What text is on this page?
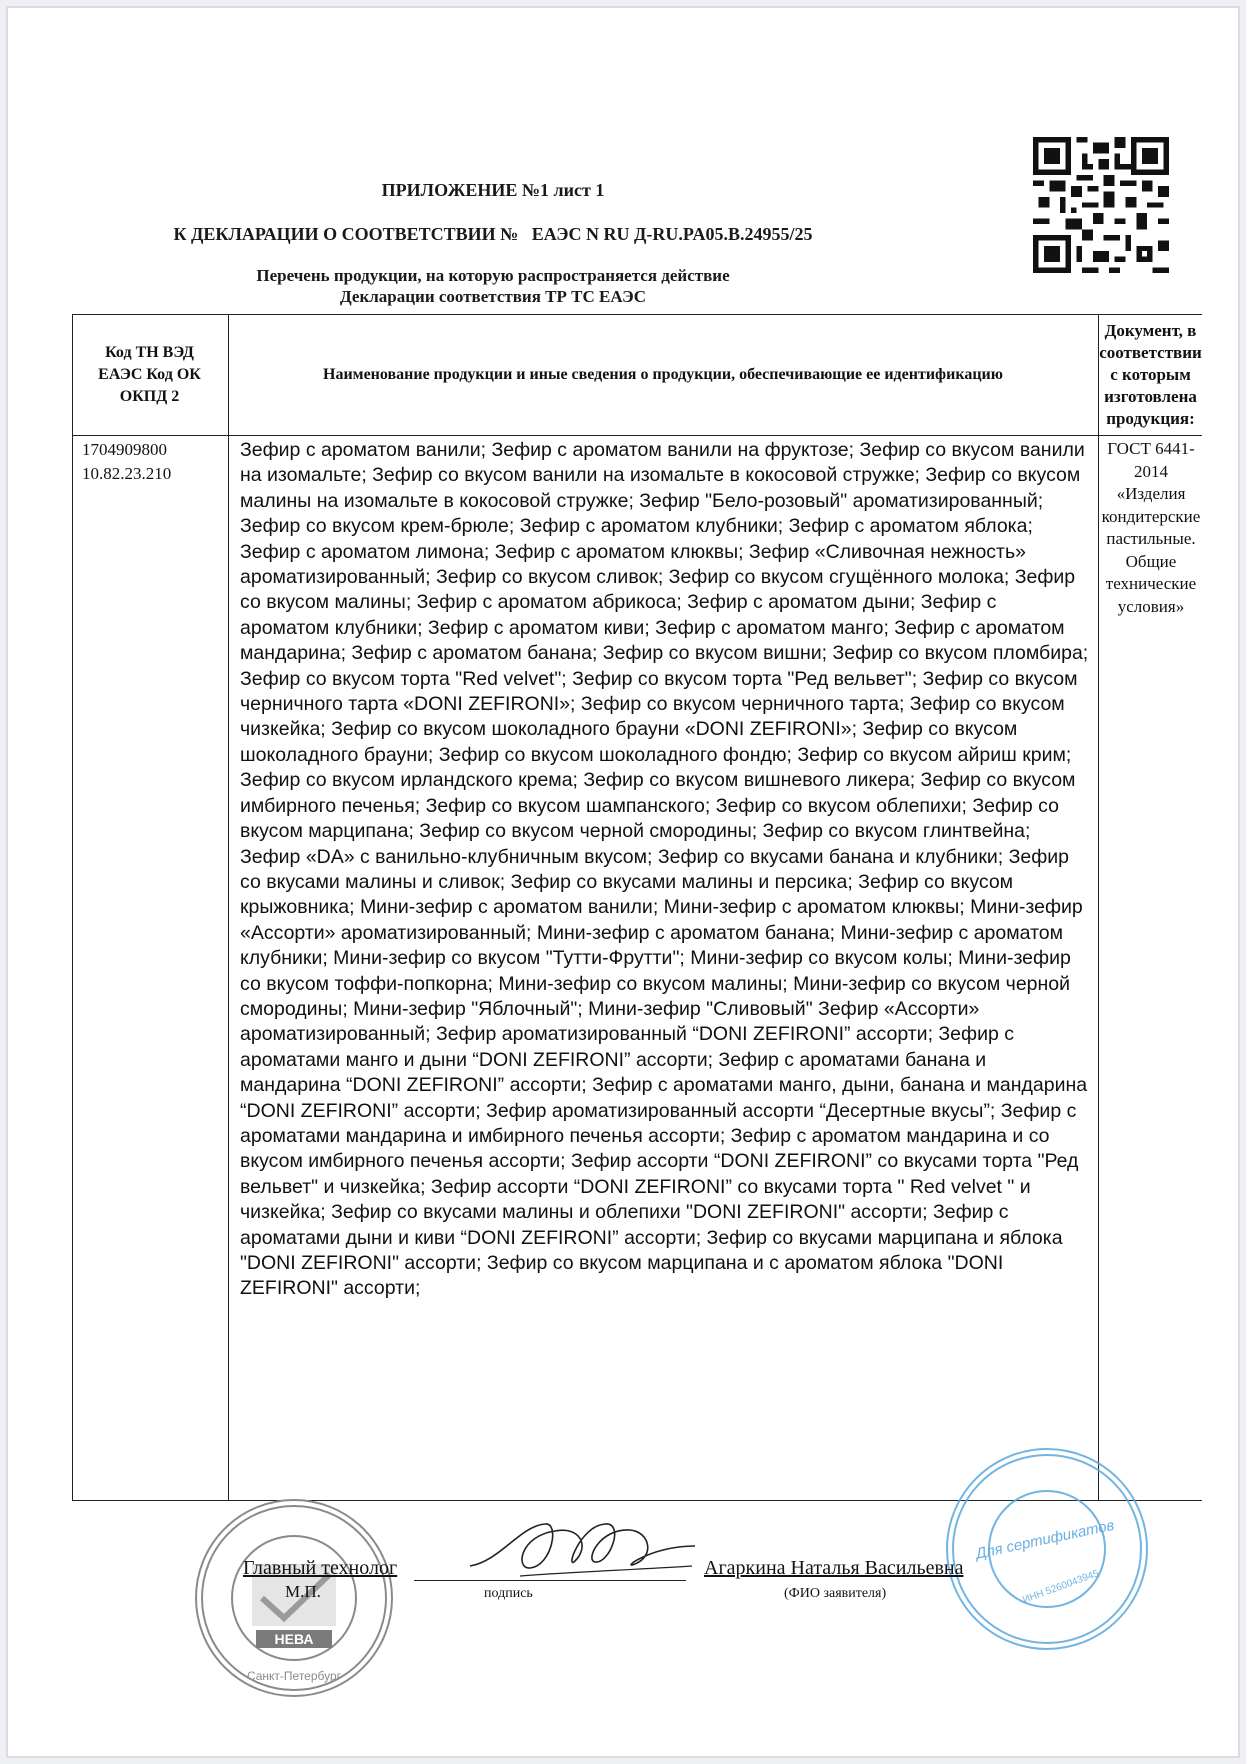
ПРИЛОЖЕНИЕ №1 лист 1
К ДЕКЛАРАЦИИ О СООТВЕТСТВИИ №   ЕАЭС N RU Д-RU.PA05.B.24955/25
Перечень продукции, на которую распространяется действие
Декларации соответствия ТР ТС ЕАЭС
Код ТН ВЭД ЕАЭС Код ОК ОКПД 2
Наименование продукции и иные сведения о продукции, обеспечивающие ее идентификацию
Документ, в соответствии с которым изготовлена продукция:
1704909800
10.82.23.210
Зефир с ароматом ванили; Зефир с ароматом ванили на фруктозе; Зефир со вкусом ванили на изомальте; Зефир со вкусом ванили на изомальте в кокосовой стружке; Зефир со вкусом малины на изомальте в кокосовой стружке; Зефир "Бело-розовый" ароматизированный; Зефир со вкусом крем-брюле; Зефир с ароматом клубники; Зефир с ароматом яблока; Зефир с ароматом лимона; Зефир с ароматом клюквы; Зефир «Сливочная нежность» ароматизированный; Зефир со вкусом сливок; Зефир со вкусом сгущённого молока; Зефир со вкусом малины; Зефир с ароматом абрикоса; Зефир с ароматом дыни; Зефир с ароматом клубники; Зефир с ароматом киви; Зефир с ароматом манго; Зефир с ароматом мандарина; Зефир с ароматом банана; Зефир со вкусом вишни; Зефир со вкусом пломбира; Зефир со вкусом торта "Red velvet"; Зефир со вкусом торта "Ред вельвет"; Зефир со вкусом черничного тарта «DONI ZEFIRONI»; Зефир со вкусом черничного тарта; Зефир со вкусом чизкейка; Зефир со вкусом шоколадного брауни «DONI ZEFIRONI»; Зефир со вкусом шоколадного брауни; Зефир со вкусом шоколадного фондю; Зефир со вкусом айриш крим; Зефир со вкусом ирландского крема; Зефир со вкусом вишневого ликера; Зефир со вкусом имбирного печенья; Зефир со вкусом шампанского; Зефир со вкусом облепихи; Зефир со вкусом марципана; Зефир со вкусом черной смородины; Зефир со вкусом глинтвейна; Зефир «DA» с ванильно-клубничным вкусом; Зефир со вкусами банана и клубники; Зефир со вкусами малины и сливок; Зефир со вкусами малины и персика; Зефир со вкусом крыжовника; Мини-зефир с ароматом ванили; Мини-зефир с ароматом клюквы; Мини-зефир «Ассорти» ароматизированный; Мини-зефир с ароматом банана; Мини-зефир с ароматом клубники; Мини-зефир со вкусом "Тутти-Фрутти"; Мини-зефир со вкусом колы; Мини-зефир со вкусом тоффи-попкорна; Мини-зефир со вкусом малины; Мини-зефир со вкусом черной смородины; Мини-зефир "Яблочный"; Мини-зефир "Сливовый" Зефир «Ассорти» ароматизированный; Зефир ароматизированный “DONI ZEFIRONI” ассорти; Зефир с ароматами манго и дыни “DONI ZEFIRONI” ассорти; Зефир с ароматами банана и мандарина “DONI ZEFIRONI” ассорти; Зефир с ароматами манго, дыни, банана и мандарина “DONI ZEFIRONI” ассорти; Зефир ароматизированный ассорти “Десертные вкусы”; Зефир с ароматами мандарина и имбирного печенья ассорти; Зефир с ароматом мандарина и со вкусом имбирного печенья ассорти; Зефир ассорти “DONI ZEFIRONI” со вкусами торта "Ред вельвет" и чизкейка; Зефир ассорти “DONI ZEFIRONI” со вкусами торта " Red velvet " и чизкейка; Зефир со вкусами малины и облепихи "DONI ZEFIRONI" ассорти; Зефир с ароматами дыни и киви “DONI ZEFIRONI” ассорти; Зефир со вкусами марципана и яблока "DONI ZEFIRONI" ассорти; Зефир со вкусом марципана и с ароматом яблока "DONI ZEFIRONI" ассорти;
ГОСТ 6441-2014 «Изделия кондитерские пастильные. Общие технические условия»
НЕВА
Санкт-Петербург
Для сертификатов
ИНН 5260043945
Главный технолог
М.П.	подпись
Агаркина Наталья Васильевна
(ФИО заявителя)
